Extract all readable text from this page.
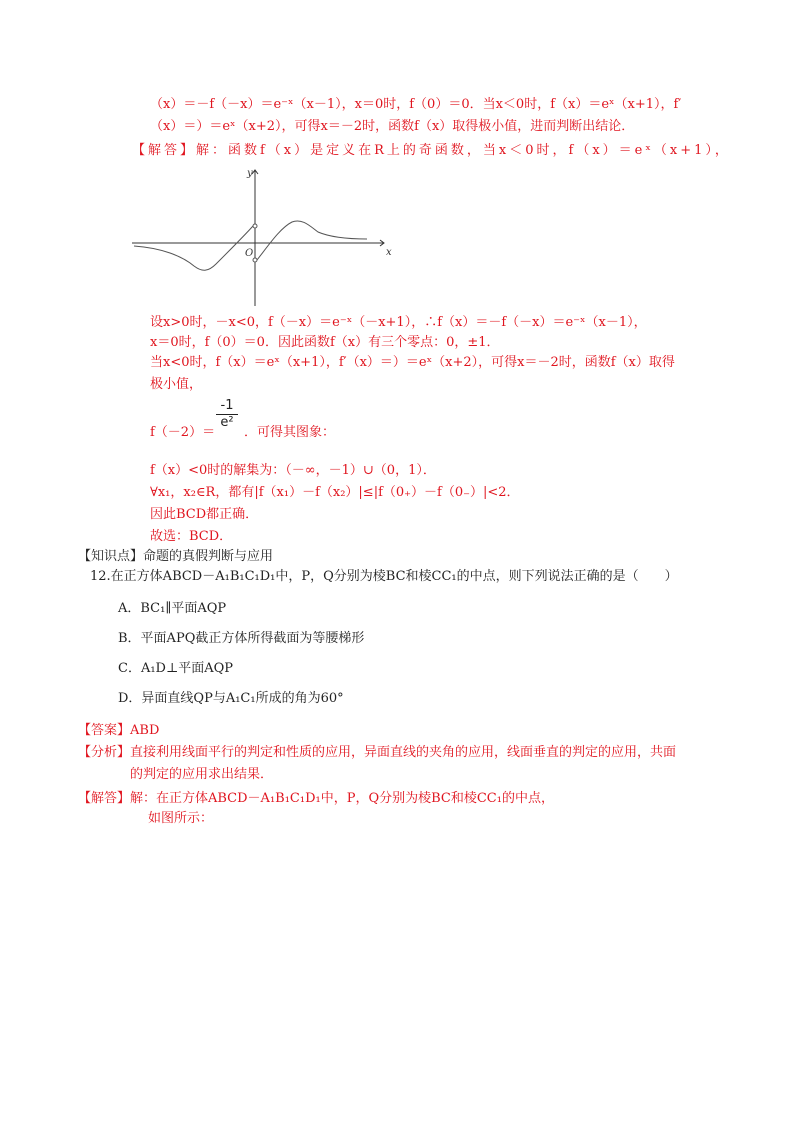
（x）＝－f（－x）＝e⁻ˣ（x－1），x＝0时，f（0）＝0．当x＜0时，f（x）＝eˣ（x+1），f′
（x）＝）＝eˣ（x+2），可得x＝－2时，函数f（x）取得极小值，进而判断出结论．
【解答】解：函数f（x）是定义在R上的奇函数，当x＜0时，f（x）＝eˣ（x+1），
y
x
O
设x>0时，－x<0，f（－x）＝e⁻ˣ（－x+1），∴f（x）＝－f（－x）＝e⁻ˣ（x－1），
x＝0时，f（0）＝0．因此函数f（x）有三个零点：0，±1．
当x<0时，f（x）＝eˣ（x+1），f′（x）＝）＝eˣ（x+2），可得x＝－2时，函数f（x）取得
极小值，
f（－2）＝
-1
e²
．可得其图象：
f（x）<0时的解集为：（－∞，－1）∪（0，1）．
∀x₁，x₂∈R，都有|f（x₁）－f（x₂）|≤|f（0₊）－f（0₋）|<2．
因此BCD都正确．
故选：BCD．
【知识点】命题的真假判断与应用
12.在正方体ABCD－A₁B₁C₁D₁中，P，Q分别为棱BC和棱CC₁的中点，则下列说法正确的是（　　）
A．BC₁∥平面AQP
B．平面APQ截正方体所得截面为等腰梯形
C．A₁D⊥平面AQP
D．异面直线QP与A₁C₁所成的角为60°
【答案】ABD
【分析】直接利用线面平行的判定和性质的应用，异面直线的夹角的应用，线面垂直的判定的应用，共面
的判定的应用求出结果．
【解答】解：在正方体ABCD－A₁B₁C₁D₁中，P，Q分别为棱BC和棱CC₁的中点，
如图所示：
